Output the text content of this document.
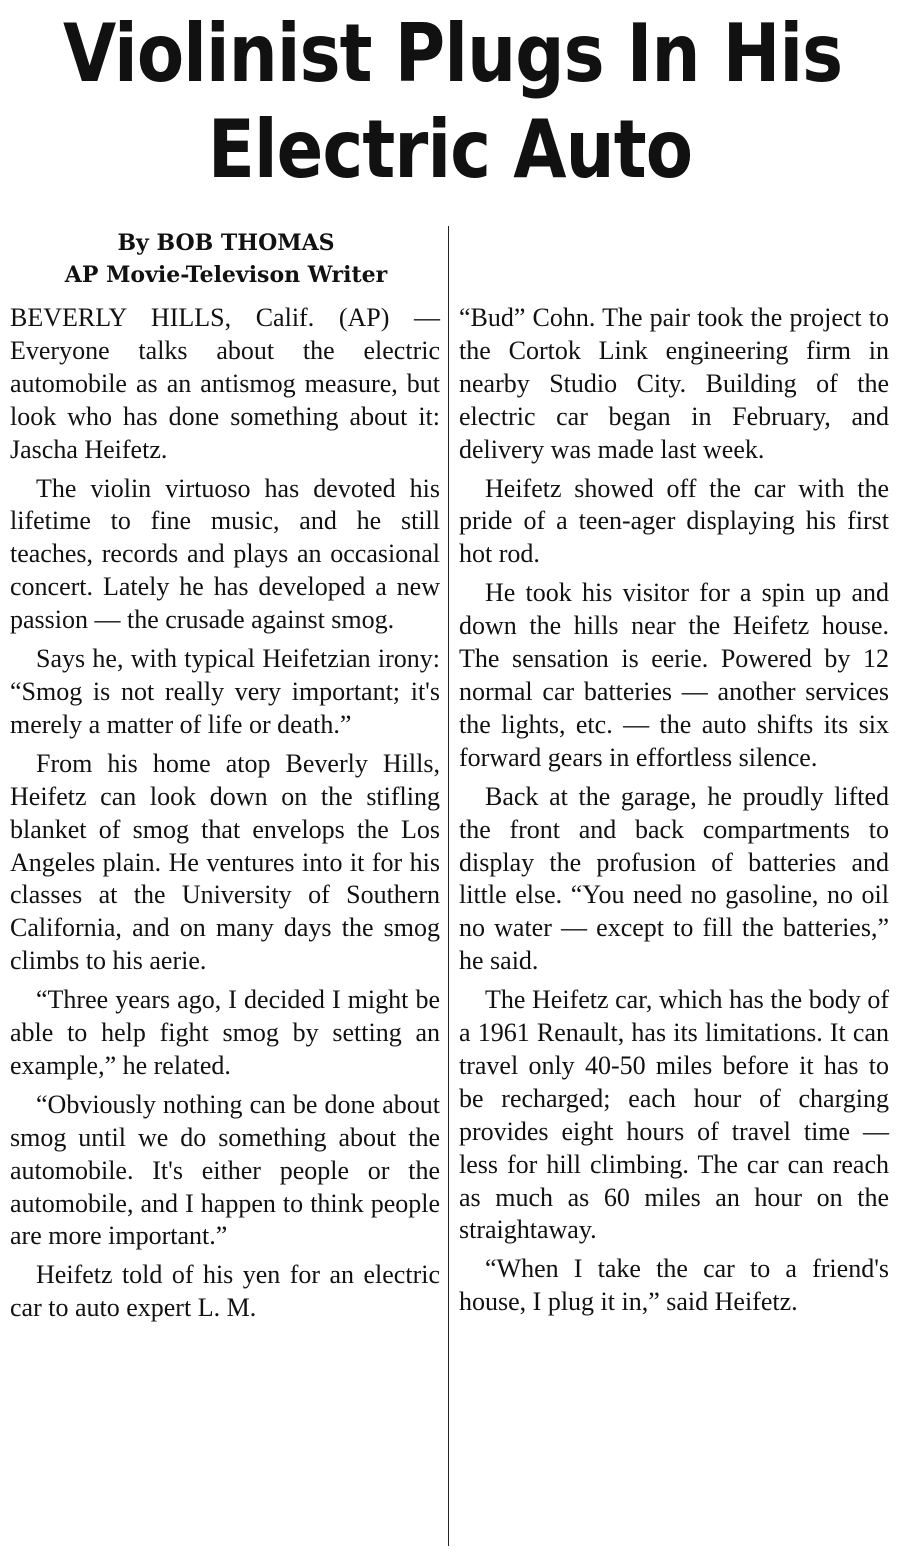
Violinist Plugs In His
Electric Auto
By BOB THOMAS
AP Movie-Televison Writer

BEVERLY HILLS, Calif. (AP) — Everyone talks about the electric automobile as an antismog measure, but look who has done something about it: Jascha Heifetz.

The violin virtuoso has devoted his lifetime to fine music, and he still teaches, records and plays an occasional concert. Lately he has developed a new passion — the crusade against smog.

Says he, with typical Heifetzian irony: “Smog is not really very important; it's merely a matter of life or death.”

From his home atop Beverly Hills, Heifetz can look down on the stifling blanket of smog that envelops the Los Angeles plain. He ventures into it for his classes at the University of Southern California, and on many days the smog climbs to his aerie.

“Three years ago, I decided I might be able to help fight smog by setting an example,” he related.

“Obviously nothing can be done about smog until we do something about the automobile. It's either people or the automobile, and I happen to think people are more important.”

Heifetz told of his yen for an electric car to auto expert L. M.

“Bud” Cohn. The pair took the project to the Cortok Link engineering firm in nearby Studio City. Building of the electric car began in February, and delivery was made last week.

Heifetz showed off the car with the pride of a teen-ager displaying his first hot rod.

He took his visitor for a spin up and down the hills near the Heifetz house. The sensation is eerie. Powered by 12 normal car batteries — another services the lights, etc. — the auto shifts its six forward gears in effortless silence.

Back at the garage, he proudly lifted the front and back compartments to display the profusion of batteries and little else. “You need no gasoline, no oil no water — except to fill the batteries,” he said.

The Heifetz car, which has the body of a 1961 Renault, has its limitations. It can travel only 40-50 miles before it has to be recharged; each hour of charging provides eight hours of travel time — less for hill climbing. The car can reach as much as 60 miles an hour on the straightaway.

“When I take the car to a friend's house, I plug it in,” said Heifetz.
